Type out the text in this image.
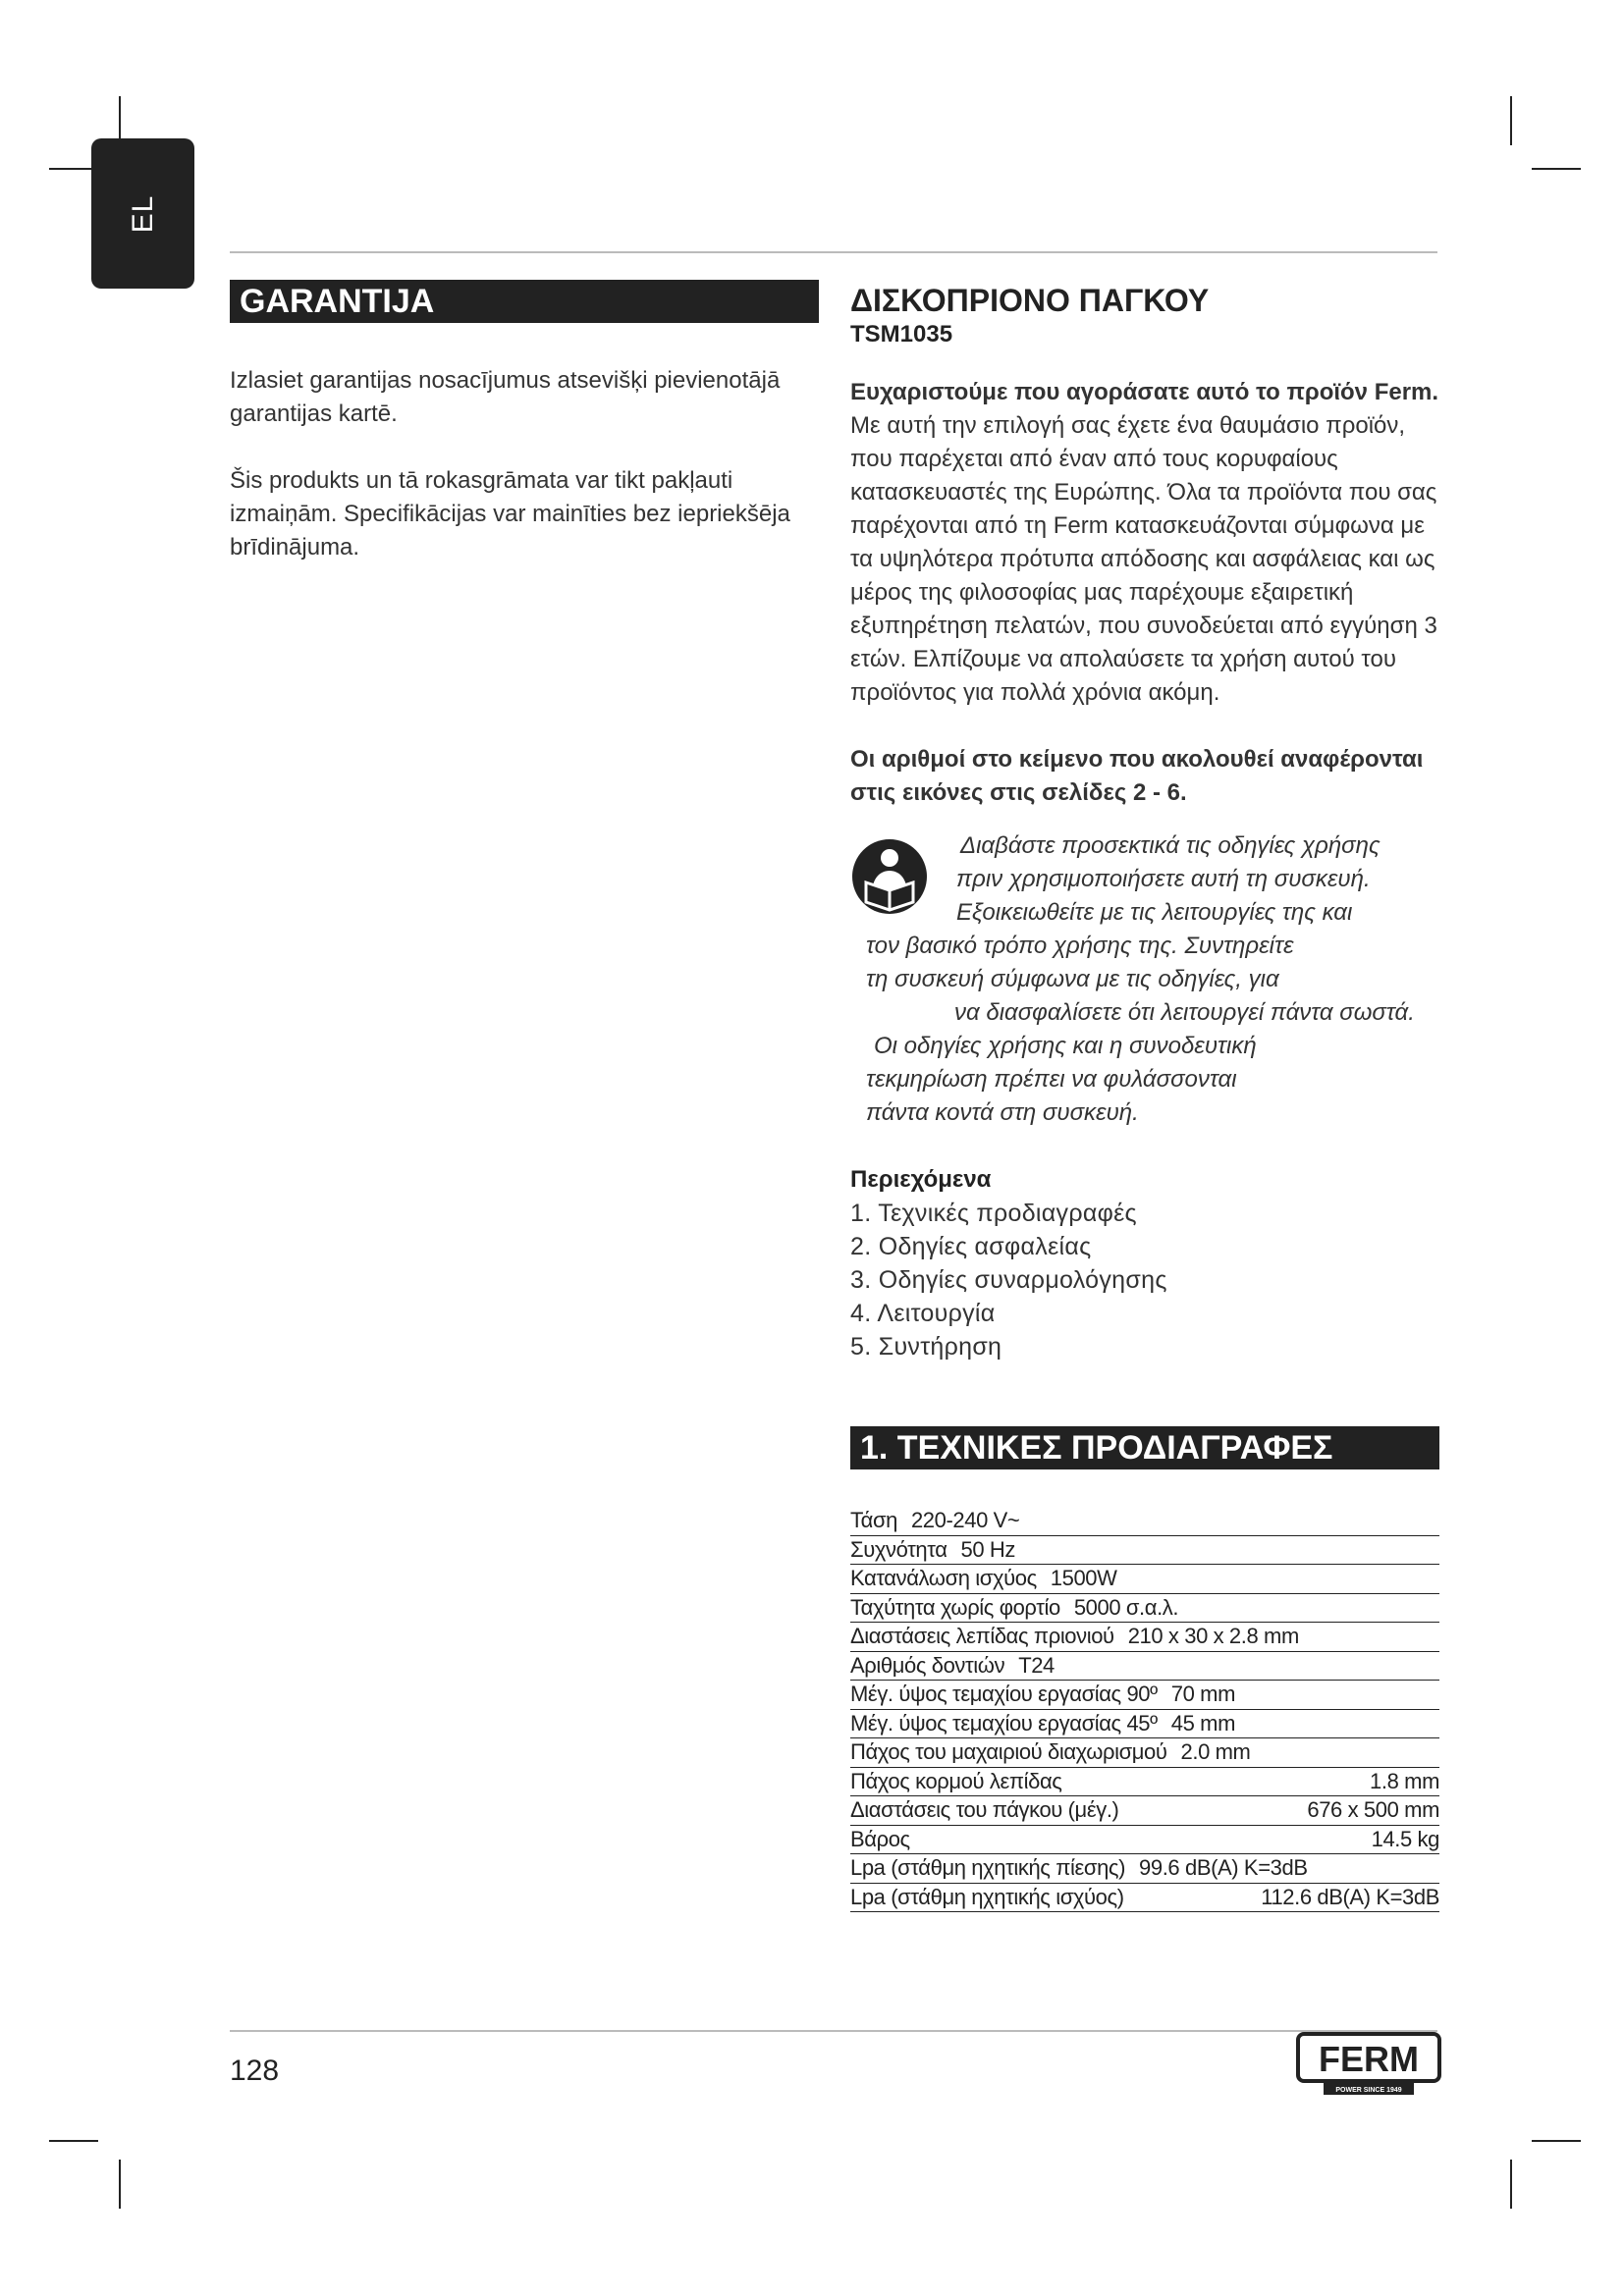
EL
GARANTIJA

Izlasiet garantijas nosacījumus atsevišķi pievienotājā garantijas kartē.

Šis produkts un tā rokasgrāmata var tikt pakļauti izmaiņām. Specifikācijas var mainīties bez iepriekšēja brīdinājuma.

ΔΙΣΚΟΠΡΙΟΝΟ ΠΑΓΚΟΥ
TSM1035

Ευχαριστούμε που αγοράσατε αυτό το προϊόν Ferm. Με αυτή την επιλογή σας έχετε ένα θαυμάσιο προϊόν, που παρέχεται από έναν από τους κορυφαίους κατασκευαστές της Ευρώπης. Όλα τα προϊόντα που σας παρέχονται από τη Ferm κατασκευάζονται σύμφωνα με τα υψηλότερα πρότυπα απόδοσης και ασφάλειας και ως μέρος της φιλοσοφίας μας παρέχουμε εξαιρετική εξυπηρέτηση πελατών, που συνοδεύεται από εγγύηση 3 ετών. Ελπίζουμε να απολαύσετε τα χρήση αυτού του προϊόντος για πολλά χρόνια ακόμη.

Οι αριθμοί στο κείμενο που ακολουθεί αναφέρονται στις εικόνες στις σελίδες 2 - 6.

Διαβάστε προσεκτικά τις οδηγίες χρήσης
πριν χρησιμοποιήσετε αυτή τη συσκευή.
Εξοικειωθείτε με τις λειτουργίες της και
τον βασικό τρόπο χρήσης της. Συντηρείτε
τη συσκευή σύμφωνα με τις οδηγίες, για
να διασφαλίσετε ότι λειτουργεί πάντα σωστά.
Οι οδηγίες χρήσης και η συνοδευτική
τεκμηρίωση πρέπει να φυλάσσονται
πάντα κοντά στη συσκευή.
Περιεχόμενα
1. Τεχνικές προδιαγραφές
2. Οδηγίες ασφαλείας
3. Οδηγίες συναρμολόγησης
4. Λειτουργία
5. Συντήρηση
1. ΤΕΧΝΙΚΕΣ ΠΡΟΔΙΑΓΡΑΦΕΣ
Τάση 220-240 V~
Συχνότητα 50 Hz
Κατανάλωση ισχύος 1500W
Ταχύτητα χωρίς φορτίο 5000 σ.α.λ.
Διαστάσεις λεπίδας πριονιού 210 x 30 x 2.8 mm
Αριθμός δοντιών T24
Μέγ. ύψος τεμαχίου εργασίας 90º 70 mm
Μέγ. ύψος τεμαχίου εργασίας 45º 45 mm
Πάχος του μαχαιριού διαχωρισμού 2.0 mm
Πάχος κορμού λεπίδας	1.8 mm
Διαστάσεις του πάγκου (μέγ.)	676 x 500 mm
Βάρος	14.5 kg
Lpa (στάθμη ηχητικής πίεσης) 99.6 dB(A) K=3dB
Lpa (στάθμη ηχητικής ισχύος)	112.6 dB(A) K=3dB
128	FERM
POWER SINCE 1949
